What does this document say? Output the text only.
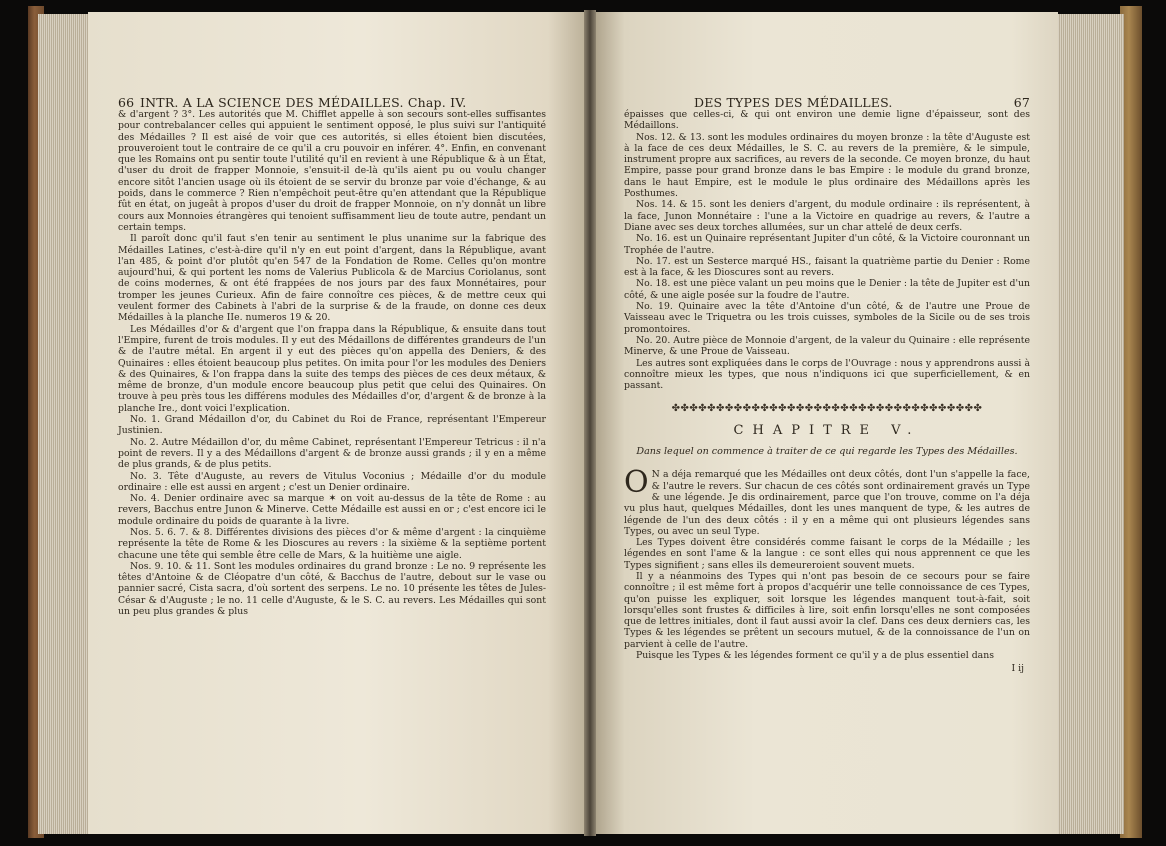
66 INTR. A LA SCIENCE DES MÉDAILLES. Chap. IV.

& d'argent ? 3°. Les autorités que M. Chifflet appelle à son secours sont-elles suffisantes pour contrebalancer celles qui appuient le sentiment opposé, le plus suivi sur l'antiquité des Médailles ? Il est aisé de voir que ces autorités, si elles étoient bien discutées, prouveroient tout le contraire de ce qu'il a cru pouvoir en inférer. 4°. Enfin, en convenant que les Romains ont pu sentir toute l'utilité qu'il en revient à une République & à un État, d'user du droit de frapper Monnoie, s'ensuit-il de-là qu'ils aient pu ou voulu changer encore sitôt l'ancien usage où ils étoient de se servir du bronze par voie d'échange, & au poids, dans le commerce ? Rien n'empêchoit peut-être qu'en attendant que la République fût en état, on jugeât à propos d'user du droit de frapper Monnoie, on n'y donnât un libre cours aux Monnoies étrangères qui tenoient suffisamment lieu de toute autre, pendant un certain temps.

Il paroît donc qu'il faut s'en tenir au sentiment le plus unanime sur la fabrique des Médailles Latines, c'est-à-dire qu'il n'y en eut point d'argent, dans la République, avant l'an 485, & point d'or plutôt qu'en 547 de la Fondation de Rome. Celles qu'on montre aujourd'hui, & qui portent les noms de Valerius Publicola & de Marcius Coriolanus, sont de coins modernes, & ont été frappées de nos jours par des faux Monnétaires, pour tromper les jeunes Curieux. Afin de faire connoître ces pièces, & de mettre ceux qui veulent former des Cabinets à l'abri de la surprise & de la fraude, on donne ces deux Médailles à la planche IIe. numeros 19 & 20.

Les Médailles d'or & d'argent que l'on frappa dans la République, & ensuite dans tout l'Empire, furent de trois modules. Il y eut des Médaillons de différentes grandeurs de l'un & de l'autre métal. En argent il y eut des pièces qu'on appella des Deniers, & des Quinaires : elles étoient beaucoup plus petites. On imita pour l'or les modules des Deniers & des Quinaires, & l'on frappa dans la suite des temps des pièces de ces deux métaux, & même de bronze, d'un module encore beaucoup plus petit que celui des Quinaires. On trouve à peu près tous les différens modules des Médailles d'or, d'argent & de bronze à la planche Ire., dont voici l'explication.

No. 1. Grand Médaillon d'or, du Cabinet du Roi de France, représentant l'Empereur Justinien.

No. 2. Autre Médaillon d'or, du même Cabinet, représentant l'Empereur Tetricus : il n'a point de revers. Il y a des Médaillons d'argent & de bronze aussi grands ; il y en a même de plus grands, & de plus petits.

No. 3. Tête d'Auguste, au revers de Vitulus Voconius ; Médaille d'or du module ordinaire : elle est aussi en argent ; c'est un Denier ordinaire.

No. 4. Denier ordinaire avec sa marque ✶ on voit au-dessus de la tête de Rome : au revers, Bacchus entre Junon & Minerve. Cette Médaille est aussi en or ; c'est encore ici le module ordinaire du poids de quarante à la livre.

Nos. 5. 6. 7. & 8. Différentes divisions des pièces d'or & même d'argent : la cinquième représente la tête de Rome & les Dioscures au revers : la sixième & la septième portent chacune une tête qui semble être celle de Mars, & la huitième une aigle.

Nos. 9. 10. & 11. Sont les modules ordinaires du grand bronze : Le no. 9 représente les têtes d'Antoine & de Cléopatre d'un côté, & Bacchus de l'autre, debout sur le vase ou pannier sacré, Cista sacra, d'où sortent des serpens. Le no. 10 présente les têtes de Jules-César & d'Auguste ; le no. 11 celle d'Auguste, & le S. C. au revers. Les Médailles qui sont un peu plus grandes & plus

DES TYPES DES MÉDAILLES.	67

épaisses que celles-ci, & qui ont environ une demie ligne d'épaisseur, sont des Médaillons.

Nos. 12. & 13. sont les modules ordinaires du moyen bronze : la tête d'Auguste est à la face de ces deux Médailles, le S. C. au revers de la première, & le simpule, instrument propre aux sacrifices, au revers de la seconde. Ce moyen bronze, du haut Empire, passe pour grand bronze dans le bas Empire : le module du grand bronze, dans le haut Empire, est le module le plus ordinaire des Médaillons après les Posthumes.

Nos. 14. & 15. sont les deniers d'argent, du module ordinaire : ils représentent, à la face, Junon Monnétaire : l'une a la Victoire en quadrige au revers, & l'autre a Diane avec ses deux torches allumées, sur un char attelé de deux cerfs.

No. 16. est un Quinaire représentant Jupiter d'un côté, & la Victoire couronnant un Trophée de l'autre.

No. 17. est un Sesterce marqué HS., faisant la quatrième partie du Denier : Rome est à la face, & les Dioscures sont au revers.

No. 18. est une pièce valant un peu moins que le Denier : la tête de Jupiter est d'un côté, & une aigle posée sur la foudre de l'autre.

No. 19. Quinaire avec la tête d'Antoine d'un côté, & de l'autre une Proue de Vaisseau avec le Triquetra ou les trois cuisses, symboles de la Sicile ou de ses trois promontoires.

No. 20. Autre pièce de Monnoie d'argent, de la valeur du Quinaire : elle représente Minerve, & une Proue de Vaisseau.

Les autres sont expliquées dans le corps de l'Ouvrage : nous y apprendrons aussi à connoître mieux les types, que nous n'indiquons ici que superficiellement, & en passant.

✤✤✤✤✤✤✤✤✤✤✤✤✤✤✤✤✤✤✤✤✤✤✤✤✤✤✤✤✤✤✤✤✤✤✤
CHAPITRE V.
Dans lequel on commence à traiter de ce qui regarde les Types des Médailles.

O N a déja remarqué que les Médailles ont deux côtés, dont l'un s'appelle la face, & l'autre le revers. Sur chacun de ces côtés sont ordinairement gravés un Type & une légende. Je dis ordinairement, parce que l'on trouve, comme on l'a déja vu plus haut, quelques Médailles, dont les unes manquent de type, & les autres de légende de l'un des deux côtés : il y en a même qui ont plusieurs légendes sans Types, ou avec un seul Type.

Les Types doivent être considérés comme faisant le corps de la Médaille ; les légendes en sont l'ame & la langue : ce sont elles qui nous apprennent ce que les Types signifient ; sans elles ils demeureroient souvent muets.

Il y a néanmoins des Types qui n'ont pas besoin de ce secours pour se faire connoître ; il est même fort à propos d'acquérir une telle connoissance de ces Types, qu'on puisse les expliquer, soit lorsque les légendes manquent tout-à-fait, soit lorsqu'elles sont frustes & difficiles à lire, soit enfin lorsqu'elles ne sont composées que de lettres initiales, dont il faut aussi avoir la clef. Dans ces deux derniers cas, les Types & les légendes se prêtent un secours mutuel, & de la connoissance de l'un on parvient à celle de l'autre.

Puisque les Types & les légendes forment ce qu'il y a de plus essentiel dans

I ij
